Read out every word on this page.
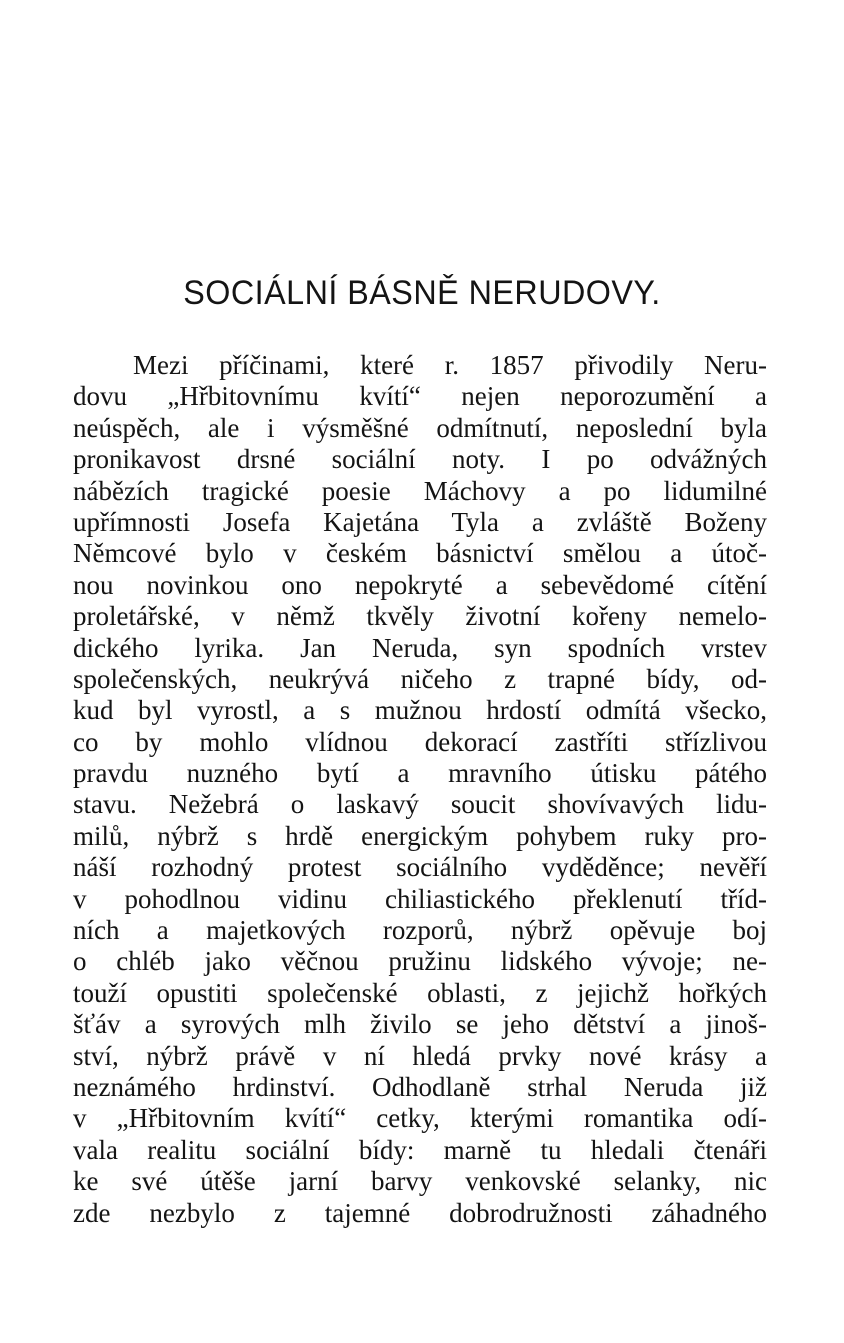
SOCIÁLNÍ BÁSNĚ NERUDOVY.
Mezi příčinami, které r. 1857 přivodily Neru-
dovu „Hřbitovnímu kvítí“ nejen neporozumění a
neúspěch, ale i výsměšné odmítnutí, neposlední byla
pronikavost drsné sociální noty. I po odvážných
nábězích tragické poesie Máchovy a po lidumilné
upřímnosti Josefa Kajetána Tyla a zvláště Boženy
Němcové bylo v českém básnictví smělou a útoč-
nou novinkou ono nepokryté a sebevědomé cítění
proletářské, v němž tkvěly životní kořeny nemelo-
dického lyrika. Jan Neruda, syn spodních vrstev
společenských, neukrývá ničeho z trapné bídy, od-
kud byl vyrostl, a s mužnou hrdostí odmítá všecko,
co by mohlo vlídnou dekorací zastříti střízlivou
pravdu nuzného bytí a mravního útisku pátého
stavu. Nežebrá o laskavý soucit shovívavých lidu-
milů, nýbrž s hrdě energickým pohybem ruky pro-
náší rozhodný protest sociálního vyděděnce; nevěří
v pohodlnou vidinu chiliastického překlenutí tříd-
ních a majetkových rozporů, nýbrž opěvuje boj
o chléb jako věčnou pružinu lidského vývoje; ne-
touží opustiti společenské oblasti, z jejichž hořkých
šťáv a syrových mlh živilo se jeho dětství a jinoš-
ství, nýbrž právě v ní hledá prvky nové krásy a
neznámého hrdinství. Odhodlaně strhal Neruda již
v „Hřbitovním kvítí“ cetky, kterými romantika odí-
vala realitu sociální bídy: marně tu hledali čtenáři
ke své útěše jarní barvy venkovské selanky, nic
zde nezbylo z tajemné dobrodružnosti záhadného
